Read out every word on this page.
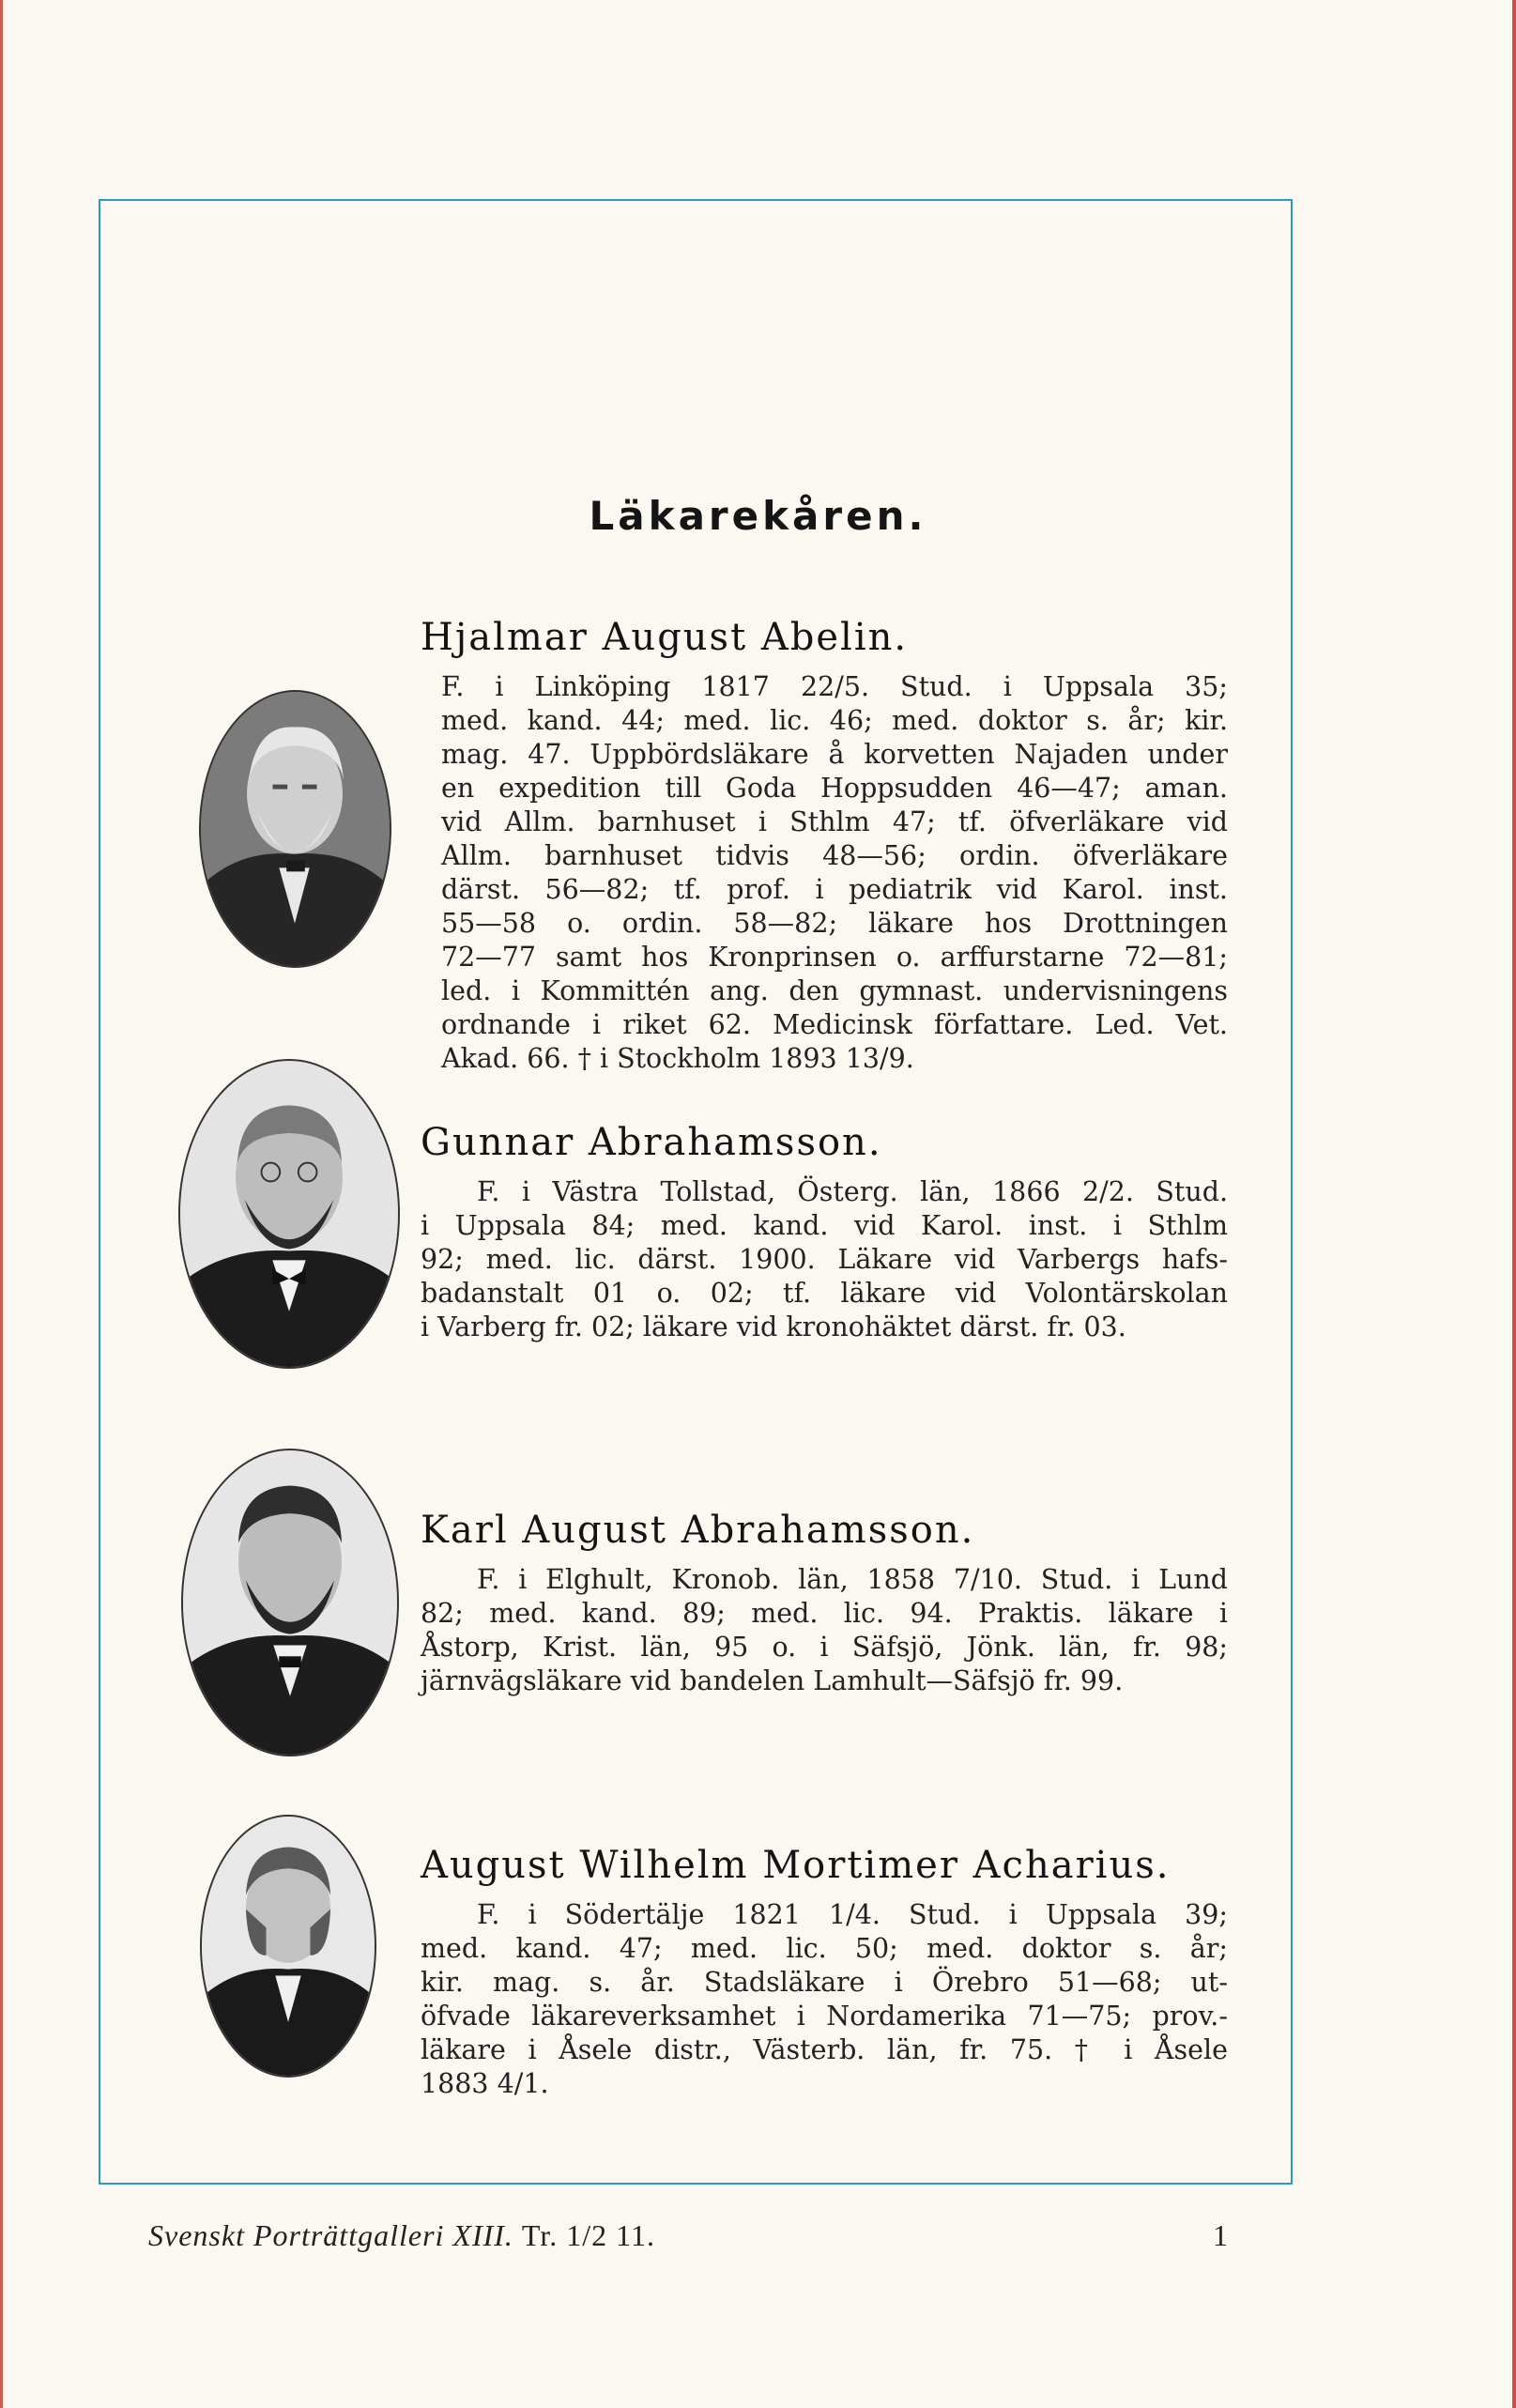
Läkarekåren.
Hjalmar August Abelin.
F. i Linköping 1817 22/5. Stud. i Uppsala 35;
med. kand. 44; med. lic. 46; med. doktor s. år; kir.
mag. 47. Uppbördsläkare å korvetten Najaden under
en expedition till Goda Hoppsudden 46—47; aman.
vid Allm. barnhuset i Sthlm 47; tf. öfverläkare vid
Allm. barnhuset tidvis 48—56; ordin. öfverläkare
därst. 56—82; tf. prof. i pediatrik vid Karol. inst.
55—58 o. ordin. 58—82; läkare hos Drottningen
72—77 samt hos Kronprinsen o. arffurstarne 72—81;
led. i Kommittén ang. den gymnast. undervisningens
ordnande i riket 62. Medicinsk författare. Led. Vet.
Akad. 66. † i Stockholm 1893 13/9.
Gunnar Abrahamsson.
F. i Västra Tollstad, Österg. län, 1866 2/2. Stud.
i Uppsala 84; med. kand. vid Karol. inst. i Sthlm
92; med. lic. därst. 1900. Läkare vid Varbergs hafs-
badanstalt 01 o. 02; tf. läkare vid Volontärskolan
i Varberg fr. 02; läkare vid kronohäktet därst. fr. 03.
Karl August Abrahamsson.
F. i Elghult, Kronob. län, 1858 7/10. Stud. i Lund
82; med. kand. 89; med. lic. 94. Praktis. läkare i
Åstorp, Krist. län, 95 o. i Säfsjö, Jönk. län, fr. 98;
järnvägsläkare vid bandelen Lamhult—Säfsjö fr. 99.
August Wilhelm Mortimer Acharius.
F. i Södertälje 1821 1/4. Stud. i Uppsala 39;
med. kand. 47; med. lic. 50; med. doktor s. år;
kir. mag. s. år. Stadsläkare i Örebro 51—68; ut-
öfvade läkareverksamhet i Nordamerika 71—75; prov.-
läkare i Åsele distr., Västerb. län, fr. 75. † i Åsele
1883 4/1.
Svenskt Porträttgalleri XIII. Tr. 1/2 11.	1
